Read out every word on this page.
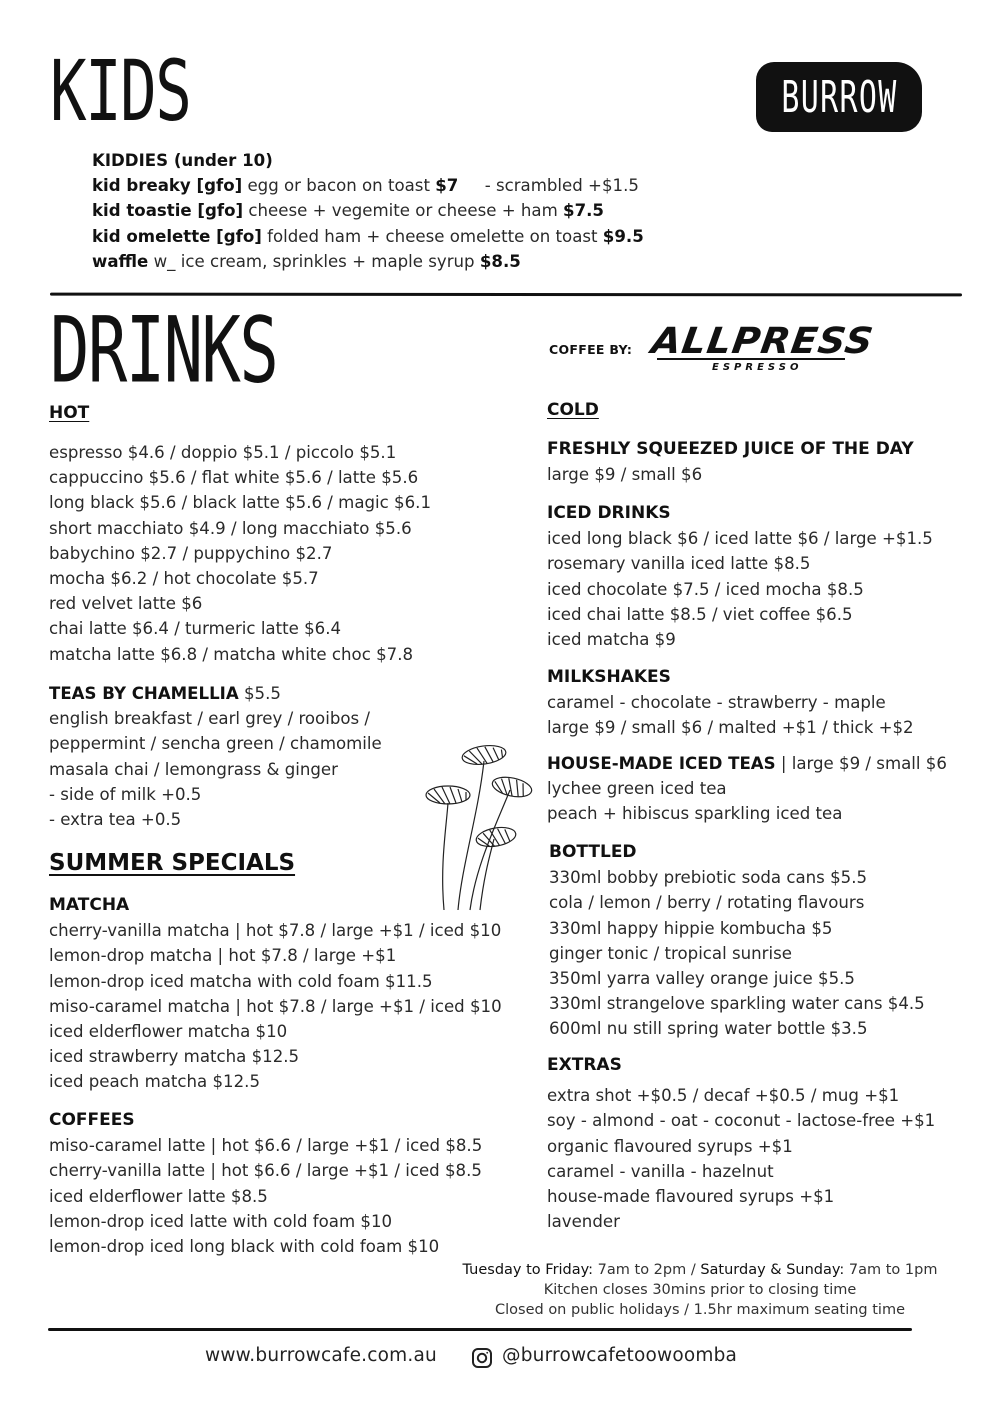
KIDS	BURROW
KIDDIES (under 10)
kid breaky [gfo] egg or bacon on toast $7     - scrambled +$1.5
kid toastie [gfo] cheese + vegemite or cheese + ham $7.5
kid omelette [gfo] folded ham + cheese omelette on toast $9.5
waffle w_ ice cream, sprinkles + maple syrup $8.5
DRINKS	COFFEE BY: ALLPRESS
ESPRESSO
HOT
espresso $4.6 / doppio $5.1 / piccolo $5.1
cappuccino $5.6 / flat white $5.6 / latte $5.6
long black $5.6 / black latte $5.6 / magic $6.1
short macchiato $4.9 / long macchiato $5.6
babychino $2.7 / puppychino $2.7
mocha $6.2 / hot chocolate $5.7
red velvet latte $6
chai latte $6.4 / turmeric latte $6.4
matcha latte $6.8 / matcha white choc $7.8
TEAS BY CHAMELLIA $5.5
english breakfast / earl grey / rooibos /
peppermint / sencha green / chamomile
masala chai / lemongrass & ginger
- side of milk +0.5
- extra tea +0.5
SUMMER SPECIALS
MATCHA
cherry-vanilla matcha | hot $7.8 / large +$1 / iced $10
lemon-drop matcha | hot $7.8 / large +$1
lemon-drop iced matcha with cold foam $11.5
miso-caramel matcha | hot $7.8 / large +$1 / iced $10
iced elderflower matcha $10
iced strawberry matcha $12.5
iced peach matcha $12.5
COFFEES
miso-caramel latte | hot $6.6 / large +$1 / iced $8.5
cherry-vanilla latte | hot $6.6 / large +$1 / iced $8.5
iced elderflower latte $8.5
lemon-drop iced latte with cold foam $10
lemon-drop iced long black with cold foam $10
COLD
FRESHLY SQUEEZED JUICE OF THE DAY
large $9 / small $6
ICED DRINKS
iced long black $6 / iced latte $6 / large +$1.5
rosemary vanilla iced latte $8.5
iced chocolate $7.5 / iced mocha $8.5
iced chai latte $8.5 / viet coffee $6.5
iced matcha $9
MILKSHAKES
caramel - chocolate - strawberry - maple
large $9 / small $6 / malted +$1 / thick +$2
HOUSE-MADE ICED TEAS | large $9 / small $6
lychee green iced tea
peach + hibiscus sparkling iced tea
BOTTLED
330ml bobby prebiotic soda cans $5.5
cola / lemon / berry / rotating flavours
330ml happy hippie kombucha $5
ginger tonic / tropical sunrise
350ml yarra valley orange juice $5.5
330ml strangelove sparkling water cans $4.5
600ml nu still spring water bottle $3.5
EXTRAS
extra shot +$0.5 / decaf +$0.5 / mug +$1
soy - almond - oat - coconut - lactose-free +$1
organic flavoured syrups +$1
caramel - vanilla - hazelnut
house-made flavoured syrups +$1
lavender
Tuesday to Friday: 7am to 2pm / Saturday & Sunday: 7am to 1pm
Kitchen closes 30mins prior to closing time
Closed on public holidays / 1.5hr maximum seating time
www.burrowcafe.com.au	@burrowcafetoowoomba
